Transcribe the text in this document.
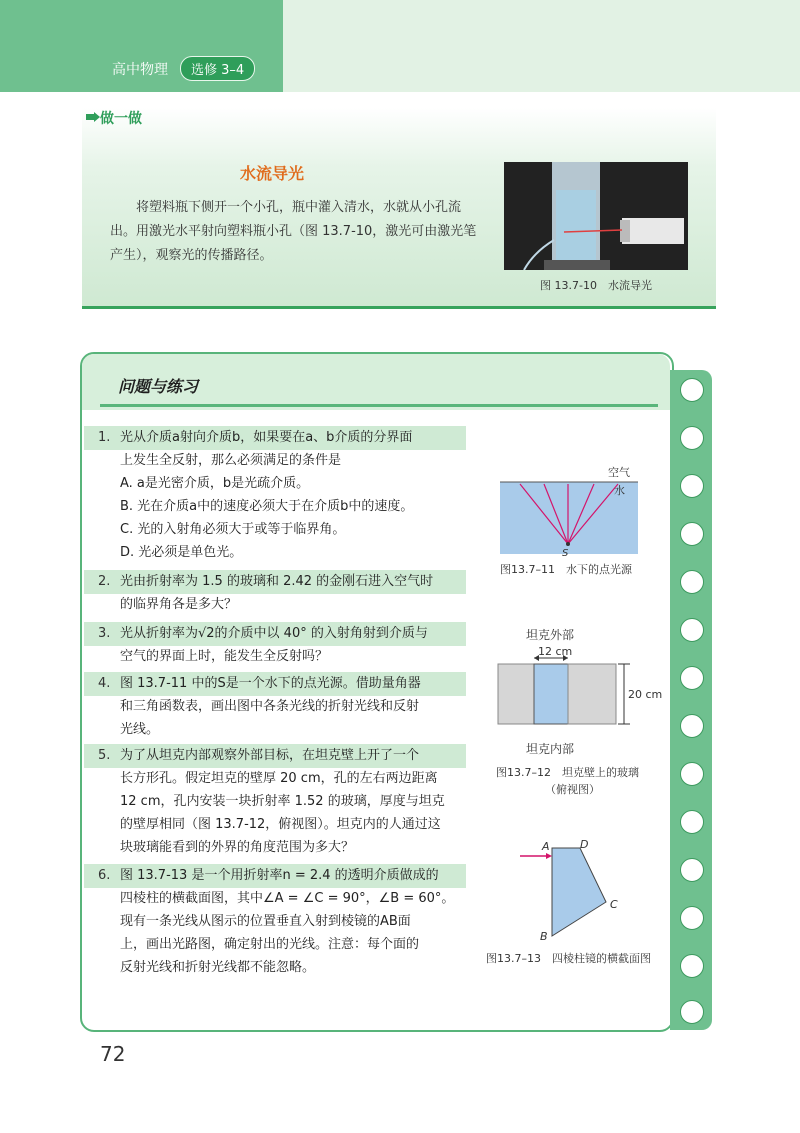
高中物理	选修 3–4
做一做
水流导光
将塑料瓶下侧开一个小孔，瓶中灌入清水，水就从小孔流出。用激光水平射向塑料瓶小孔（图 13.7-10，激光可由激光笔产生），观察光的传播路径。
图 13.7-10　水流导光
问题与练习
1. 光从介质a射向介质b，如果要在a、b介质的分界面
上发生全反射，那么必须满足的条件是
A. a是光密介质，b是光疏介质。
B. 光在介质a中的速度必须大于在介质b中的速度。
C. 光的入射角必须大于或等于临界角。
D. 光必须是单色光。
2. 光由折射率为 1.5 的玻璃和 2.42 的金刚石进入空气时
的临界角各是多大？
3. 光从折射率为√2的介质中以 40° 的入射角射到介质与
空气的界面上时，能发生全反射吗？
4. 图 13.7-11 中的S是一个水下的点光源。借助量角器
和三角函数表，画出图中各条光线的折射光线和反射
光线。
5. 为了从坦克内部观察外部目标，在坦克壁上开了一个
长方形孔。假定坦克的壁厚 20 cm，孔的左右两边距离
12 cm，孔内安装一块折射率 1.52 的玻璃，厚度与坦克
的壁厚相同（图 13.7-12，俯视图）。坦克内的人通过这
块玻璃能看到的外界的角度范围为多大？
6. 图 13.7-13 是一个用折射率n = 2.4 的透明介质做成的
四棱柱的横截面图，其中∠A = ∠C = 90°，∠B = 60°。
现有一条光线从图示的位置垂直入射到棱镜的AB面
上，画出光路图，确定射出的光线。注意：每个面的
反射光线和折射光线都不能忽略。
空气
水
S
图13.7–11　水下的点光源
坦克外部
12 cm
20 cm
坦克内部
图13.7–12　坦克壁上的玻璃
（俯视图）
A	D
C
B
图13.7–13　四棱柱镜的横截面图
72
